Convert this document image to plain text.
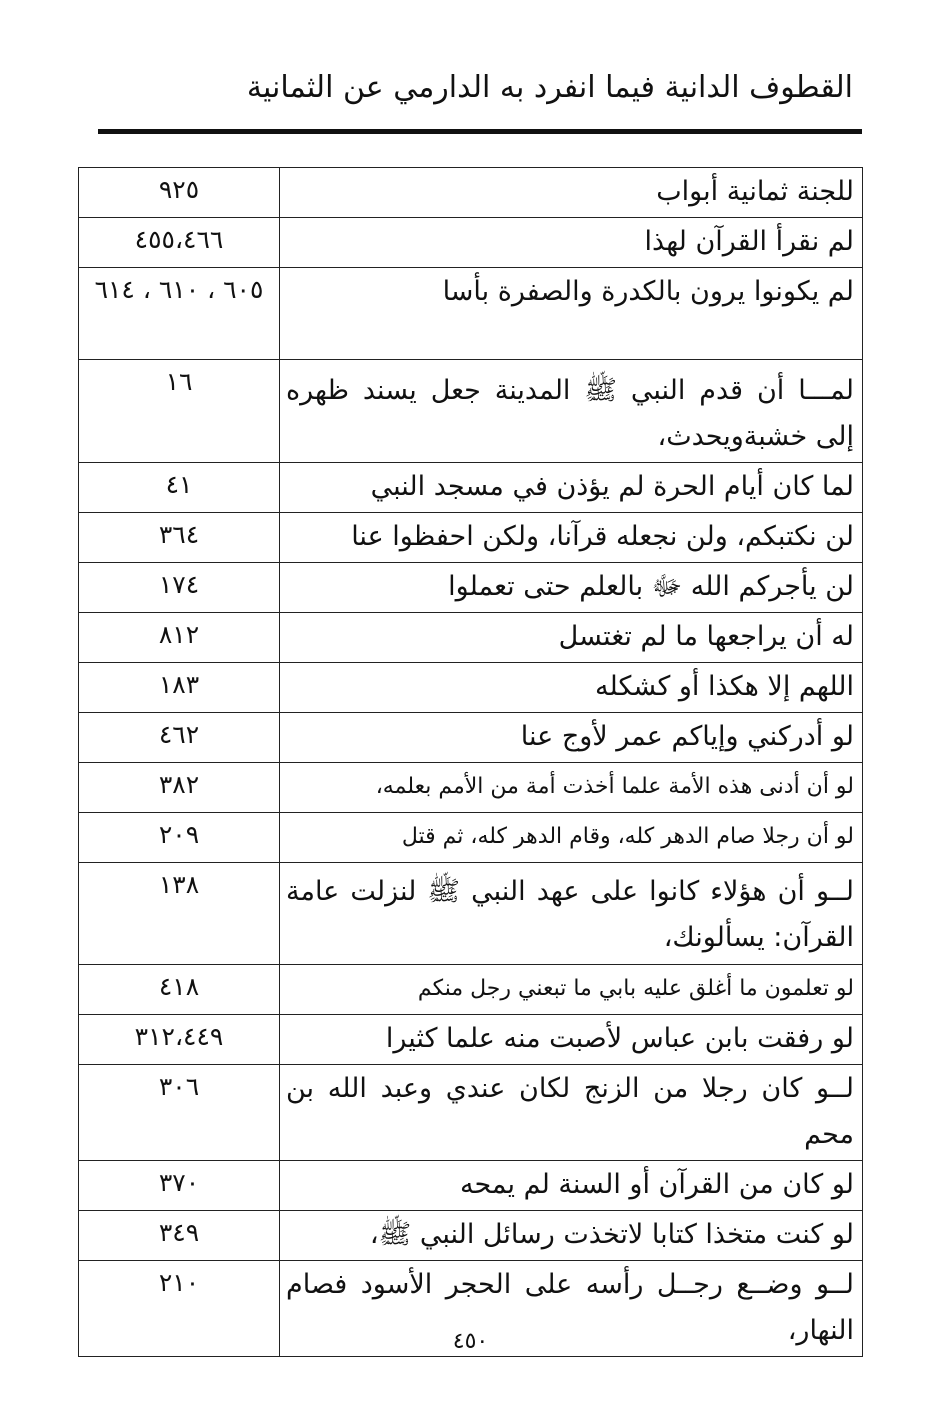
القطوف الدانية فيما انفرد به الدارمي عن الثمانية
للجنة ثمانية أبواب	٩٢٥
لم نقرأ القرآن لهذا	٤٥٥،٤٦٦
لم يكونوا يرون بالكدرة والصفرة بأسا	٦٠٥ ، ٦١٠ ، ٦١٤
لمـــا أن قدم النبي ﷺ المدينة جعل يسند ظهره إلى خشبةويحدث،	١٦
لما كان أيام الحرة لم يؤذن في مسجد النبي	٤١
لن نكتبكم، ولن نجعله قرآنا، ولكن احفظوا عنا	٣٦٤
لن يأجركم الله ﷻ بالعلم حتى تعملوا	١٧٤
له أن يراجعها ما لم تغتسل	٨١٢
اللهم إلا هكذا أو كشكله	١٨٣
لو أدركني وإياكم عمر لأوج عنا	٤٦٢
لو أن أدنى هذه الأمة علما أخذت أمة من الأمم بعلمه،	٣٨٢
لو أن رجلا صام الدهر كله، وقام الدهر كله، ثم قتل	٢٠٩
لــو أن هؤلاء كانوا على عهد النبي ﷺ لنزلت عامة القرآن: يسألونك،	١٣٨
لو تعلمون ما أغلق عليه بابي ما تبعني رجل منكم	٤١٨
لو رفقت بابن عباس لأصبت منه علما كثيرا	٣١٢،٤٤٩
لــو كان رجلا من الزنج لكان عندي وعبد الله بن محم	٣٠٦
لو كان من القرآن أو السنة لم يمحه	٣٧٠
لو كنت متخذا كتابا لاتخذت رسائل النبي ﷺ،	٣٤٩
لــو وضــع رجــل رأسه على الحجر الأسود فصام النهار،	٢١٠
٤٥٠
